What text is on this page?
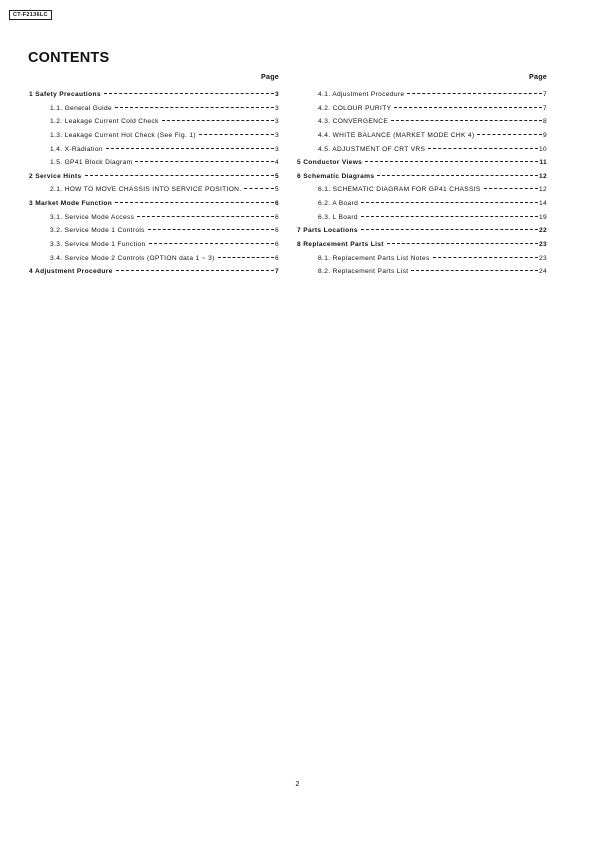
CT-F2136LC
CONTENTS
Page
1 Safety Precautions	3
1.1. General Guide	3
1.2. Leakage Current Cold Check	3
1.3. Leakage Current Hot Check (See Fig. 1)	3
1.4. X-Radiation	3
1.5. GP41 Block Diagram	4
2 Service Hints	5
2.1. HOW TO MOVE CHASSIS INTO SERVICE POSITION.	5
3 Market Mode Function	6
3.1. Service Mode Access	6
3.2. Service Mode 1 Controls	6
3.3. Service Mode 1 Function	6
3.4. Service Mode 2 Controls (OPTION data 1 ~ 3)	6
4 Adjustment Procedure	7
Page
4.1. Adjustment Procedure	7
4.2. COLOUR PURITY	7
4.3. CONVERGENCE	8
4.4. WHITE BALANCE (MARKET MODE CHK 4)	9
4.5. ADJUSTMENT OF CRT VRS	10
5 Conductor Views	11
6 Schematic Diagrams	12
6.1. SCHEMATIC DIAGRAM FOR GP41 CHASSIS	12
6.2. A Board	14
6.3. L Board	19
7 Parts Locations	22
8 Replacement Parts List	23
8.1. Replacement Parts List Notes	23
8.2. Replacement Parts List	24
2
